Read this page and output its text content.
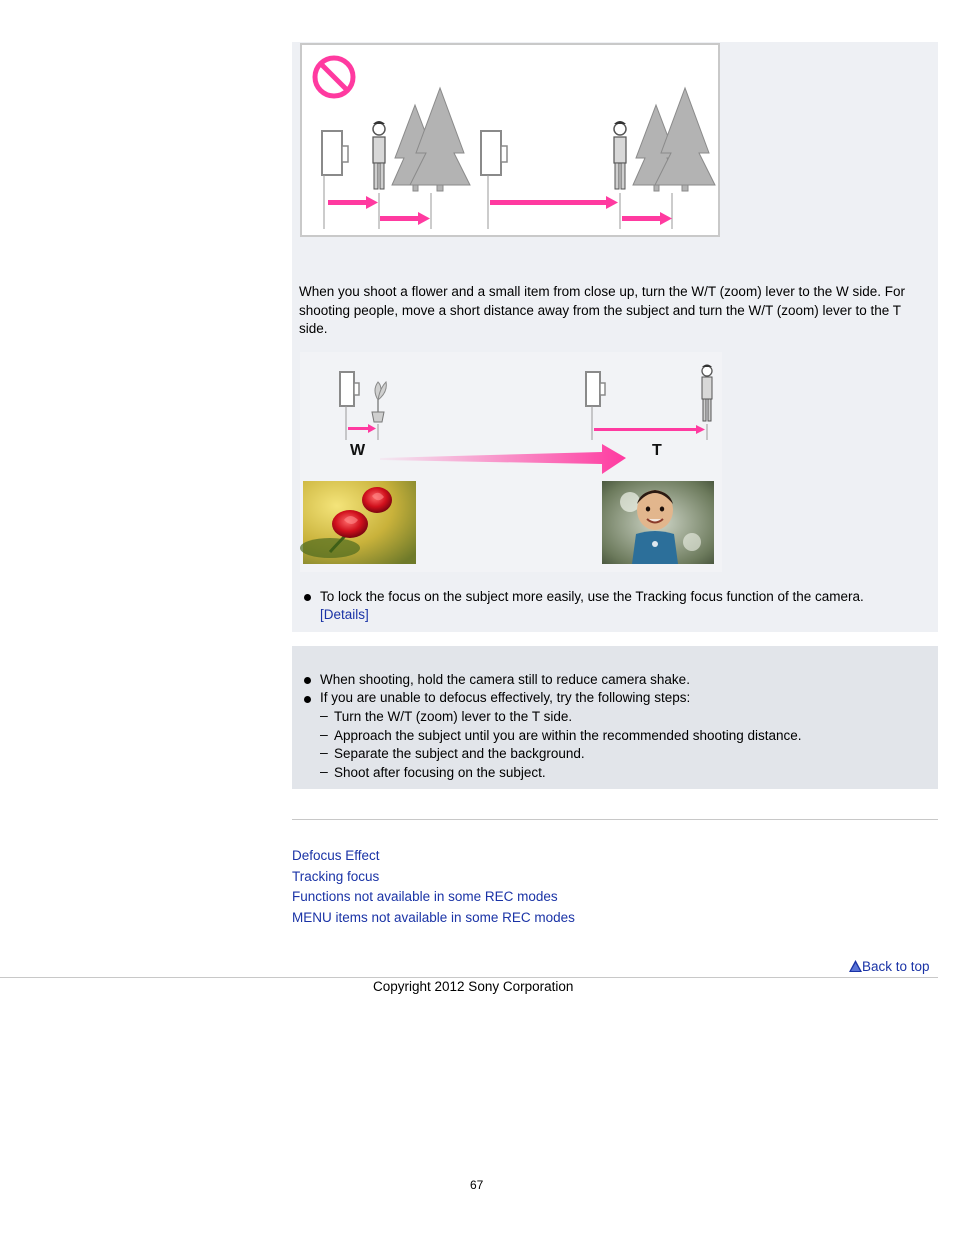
When you shoot a flower and a small item from close up, turn the W/T (zoom) lever to the W side. For shooting people, move a short distance away from the subject and turn the W/T (zoom) lever to the T side.
W	T
To lock the focus on the subject more easily, use the Tracking focus function of the camera.
[Details]
When shooting, hold the camera still to reduce camera shake.
If you are unable to defocus effectively, try the following steps:
– Turn the W/T (zoom) lever to the T side.
– Approach the subject until you are within the recommended shooting distance.
– Separate the subject and the background.
– Shoot after focusing on the subject.
Defocus Effect
Tracking focus
Functions not available in some REC modes
MENU items not available in some REC modes
Back to top
Copyright 2012 Sony Corporation
67
